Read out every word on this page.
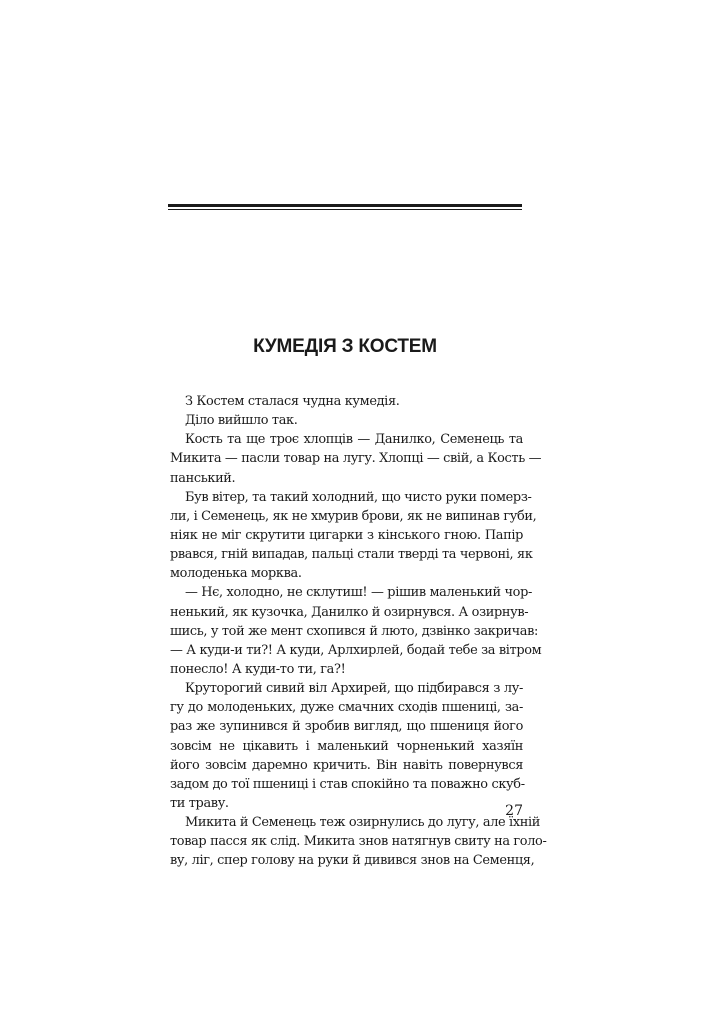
КУМЕДІЯ З КОСТЕМ
З Костем сталася чудна кумедія.
Діло вийшло так.
Кость та ще троє хлопців — Данилко, Семенець та
Микита — пасли товар на лугу. Хлопці — свій, а Кость —
панський.
Був вітер, та такий холодний, що чисто руки померз-
ли, і Семенець, як не хмурив брови, як не випинав губи,
ніяк не міг скрутити цигарки з кінського гною. Папір
рвався, гній випадав, пальці стали тверді та червоні, як
молоденька морква.
— Нє, холодно, не склутиш! — рішив маленький чор-
ненький, як кузочка, Данилко й озирнувся. А озирнув-
шись, у той же мент схопився й люто, дзвінко закричав:
— А куди-и ти?! А куди, Арлхирлей, бодай тебе за вітром
понесло! А куди-то ти, га?!
Круторогий сивий віл Архирей, що підбирався з лу-
гу до молоденьких, дуже смачних сходів пшениці, за-
раз же зупинився й зробив вигляд, що пшениця його
зовсім не цікавить і маленький чорненький хазяїн
його зовсім даремно кричить. Він навіть повернувся
задом до тої пшениці і став спокійно та поважно скуб-
ти траву.
Микита й Семенець теж озирнулись до лугу, але їхній
товар пасся як слід. Микита знов натягнув свиту на голо-
ву, ліг, спер голову на руки й дивився знов на Семенця,
27
